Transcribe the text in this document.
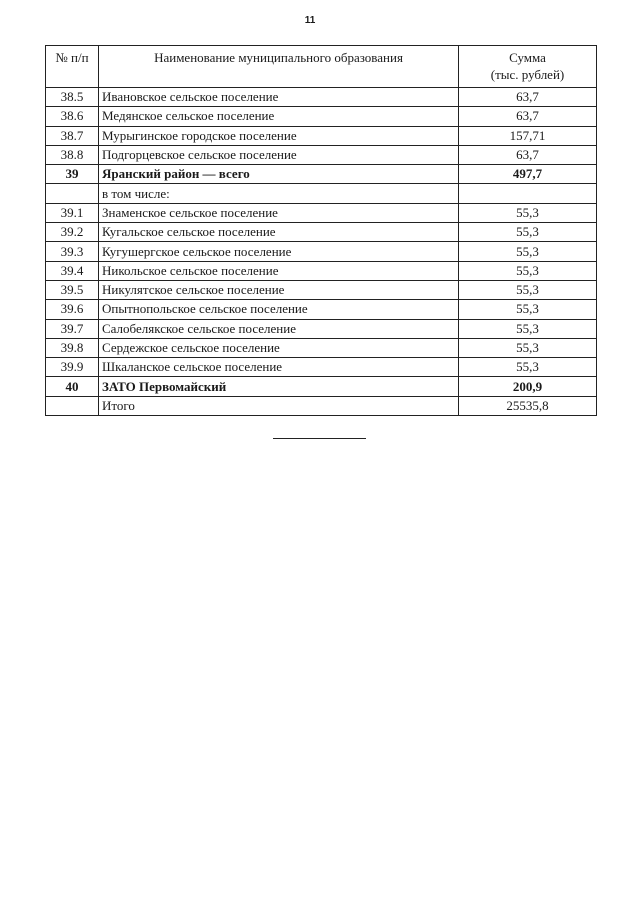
11
№ п/п	Наименование муниципального образования	Сумма
(тыс. рублей)

38.5	Ивановское сельское поселение	63,7
38.6	Медянское сельское поселение	63,7
38.7	Мурыгинское городское поселение	157,71
38.8	Подгорцевское сельское поселение	63,7
39	Яранский район — всего	497,7
	в том числе:	
39.1	Знаменское сельское поселение	55,3
39.2	Кугальское сельское поселение	55,3
39.3	Кугушергское сельское поселение	55,3
39.4	Никольское сельское поселение	55,3
39.5	Никулятское сельское поселение	55,3
39.6	Опытнопольское сельское поселение	55,3
39.7	Салобелякское сельское поселение	55,3
39.8	Сердежское сельское поселение	55,3
39.9	Шкаланское сельское поселение	55,3
40	ЗАТО Первомайский	200,9
	Итого	25535,8
